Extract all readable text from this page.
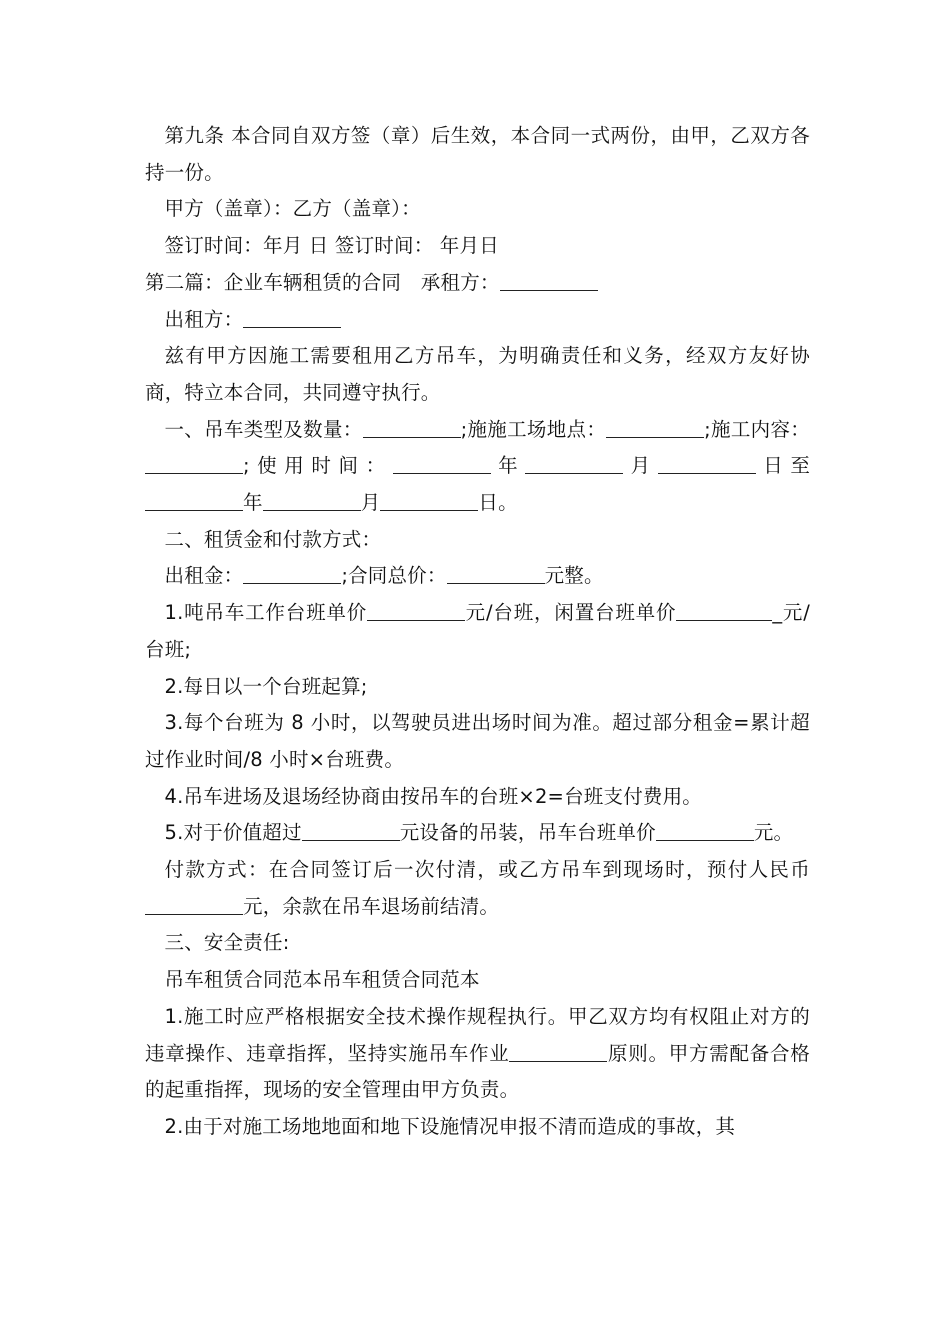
第九条 本合同自双方签（章）后生效，本合同一式两份，由甲，乙双方各持一份。

甲方（盖章）：乙方（盖章）：

签订时间：年月 日 签订时间： 年月日

第二篇：企业车辆租赁的合同　承租方：

出租方：

兹有甲方因施工需要租用乙方吊车，为明确责任和义务，经双方友好协商，特立本合同，共同遵守执行。

一、吊车类型及数量：	;施施工场地点：	;施工内容：;使用时间：	年	月	日至年	月	日。

二、租赁金和付款方式：

出租金：	;合同总价：	元整。

1.吨吊车工作台班单价	元/台班，闲置台班单价	_元/台班;

2.每日以一个台班起算;

3.每个台班为 8 小时，以驾驶员进出场时间为准。超过部分租金=累计超过作业时间/8 小时×台班费。

4.吊车进场及退场经协商由按吊车的台班×2=台班支付费用。

5.对于价值超过	元设备的吊装，吊车台班单价	元。

付款方式：在合同签订后一次付清，或乙方吊车到现场时，预付人民币元，余款在吊车退场前结清。

三、安全责任:

吊车租赁合同范本吊车租赁合同范本

1.施工时应严格根据安全技术操作规程执行。甲乙双方均有权阻止对方的违章操作、违章指挥，坚持实施吊车作业	原则。甲方需配备合格的起重指挥，现场的安全管理由甲方负责。

2.由于对施工场地地面和地下设施情况申报不清而造成的事故，其
